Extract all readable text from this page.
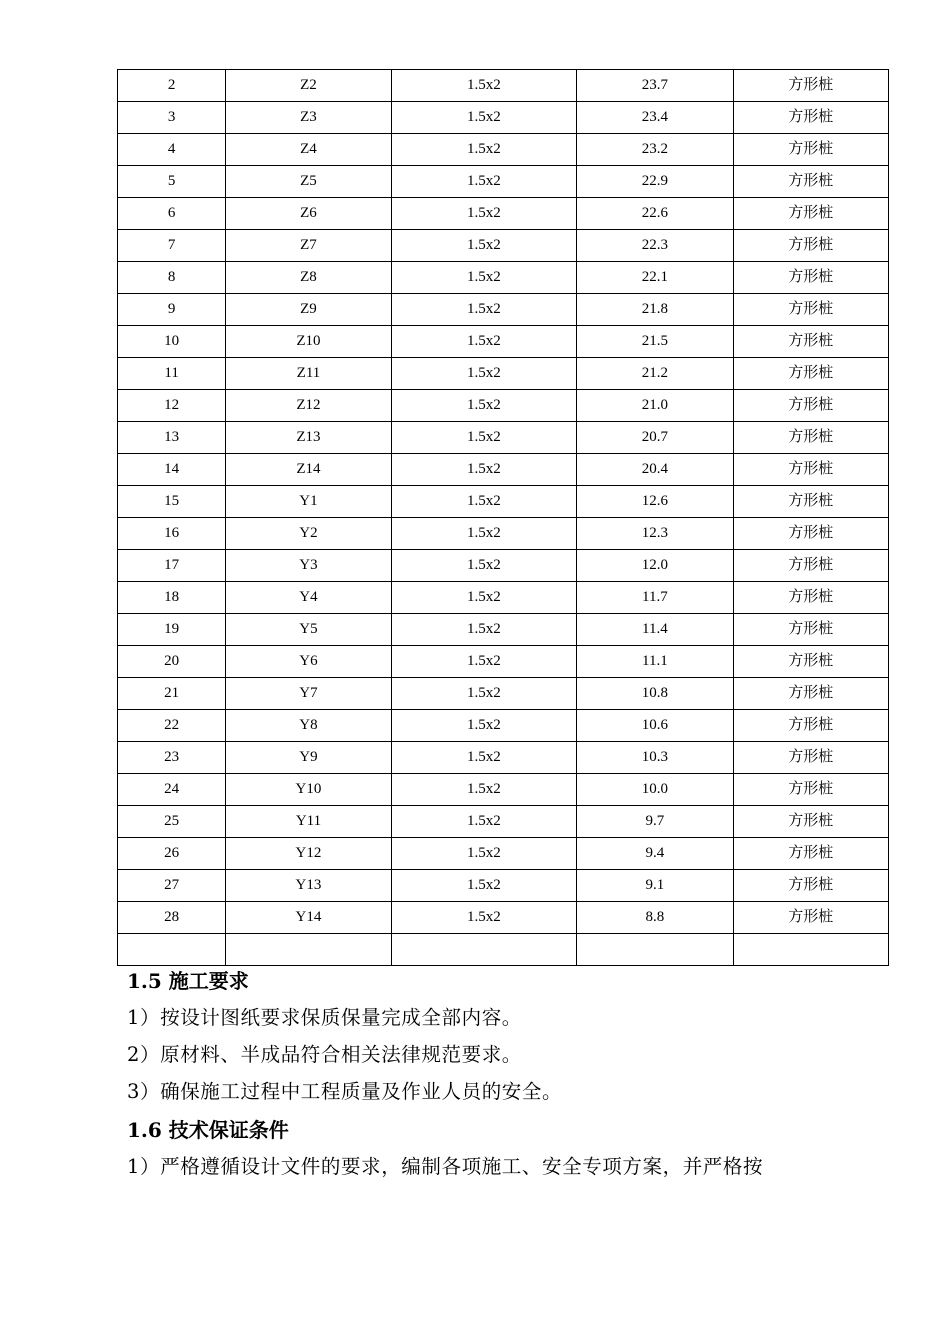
2	Z2	1.5x2	23.7	方形桩
3	Z3	1.5x2	23.4	方形桩
4	Z4	1.5x2	23.2	方形桩
5	Z5	1.5x2	22.9	方形桩
6	Z6	1.5x2	22.6	方形桩
7	Z7	1.5x2	22.3	方形桩
8	Z8	1.5x2	22.1	方形桩
9	Z9	1.5x2	21.8	方形桩
10	Z10	1.5x2	21.5	方形桩
11	Z11	1.5x2	21.2	方形桩
12	Z12	1.5x2	21.0	方形桩
13	Z13	1.5x2	20.7	方形桩
14	Z14	1.5x2	20.4	方形桩
15	Y1	1.5x2	12.6	方形桩
16	Y2	1.5x2	12.3	方形桩
17	Y3	1.5x2	12.0	方形桩
18	Y4	1.5x2	11.7	方形桩
19	Y5	1.5x2	11.4	方形桩
20	Y6	1.5x2	11.1	方形桩
21	Y7	1.5x2	10.8	方形桩
22	Y8	1.5x2	10.6	方形桩
23	Y9	1.5x2	10.3	方形桩
24	Y10	1.5x2	10.0	方形桩
25	Y11	1.5x2	9.7	方形桩
26	Y12	1.5x2	9.4	方形桩
27	Y13	1.5x2	9.1	方形桩
28	Y14	1.5x2	8.8	方形桩

1.5 施工要求
1）按设计图纸要求保质保量完成全部内容。
2）原材料、半成品符合相关法律规范要求。
3）确保施工过程中工程质量及作业人员的安全。
1.6 技术保证条件
1）严格遵循设计文件的要求，编制各项施工、安全专项方案，并严格按
